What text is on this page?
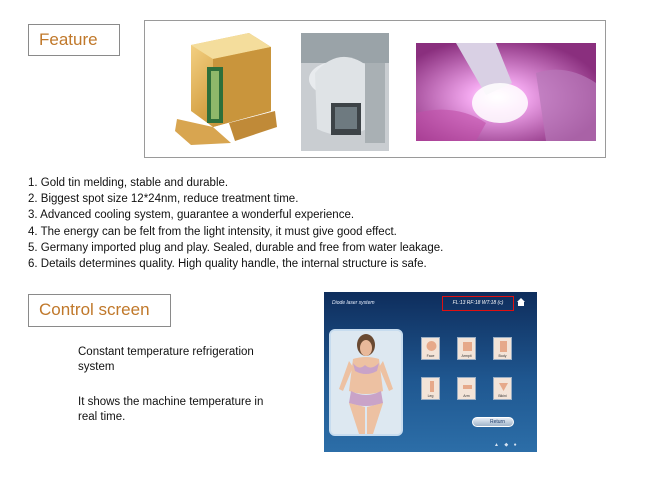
Feature
1. Gold tin melding, stable and durable.
2. Biggest spot size 12*24nm, reduce treatment time.
3. Advanced cooling system, guarantee a wonderful experience.
4. The energy can be felt from the light intensity, it must give good effect.
5. Germany imported plug and play. Sealed, durable and free from water leakage.
6. Details determines quality. High quality handle, the internal structure is safe.
Control screen
Constant temperature refrigeration system
It shows the machine temperature in real time.
Diode laser system	FL:13 RF:18 WT:18 (c)
Face	Armpit	Body
Leg	Arm	Bikini
Return
▲ ◆ ●
